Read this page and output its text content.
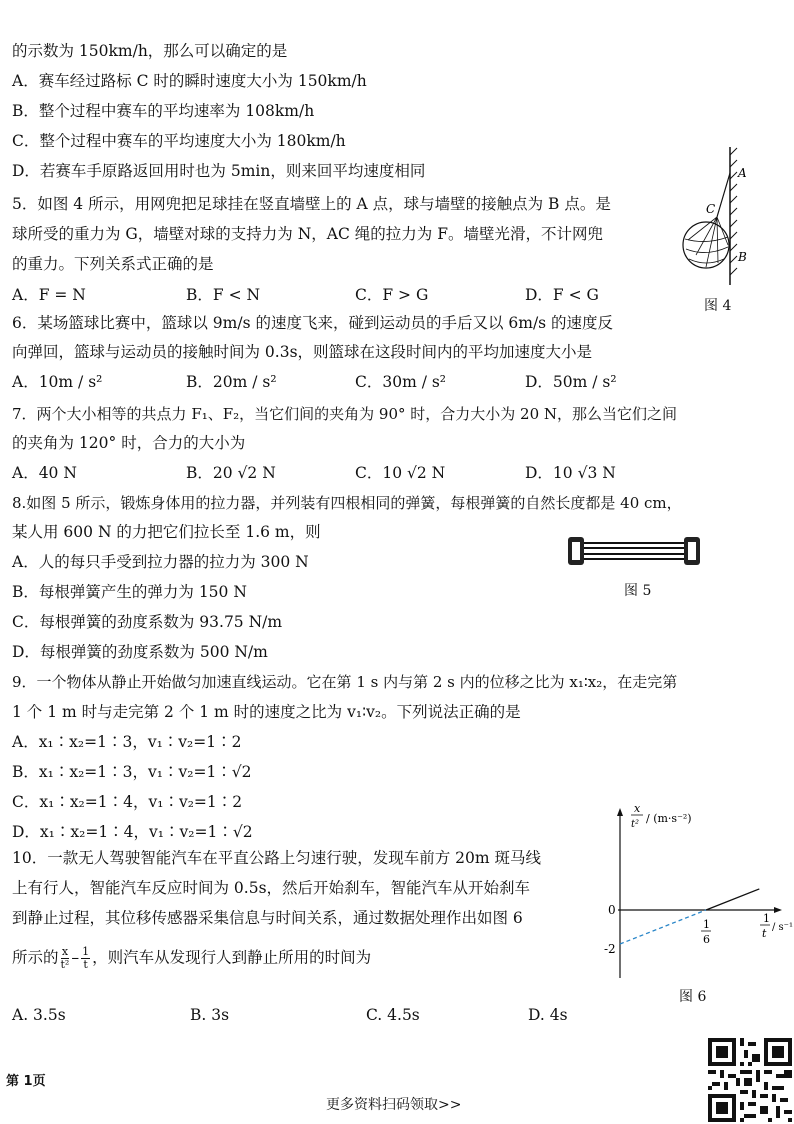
的示数为 150km/h，那么可以确定的是
A．赛车经过路标 C 时的瞬时速度大小为 150km/h
B．整个过程中赛车的平均速率为 108km/h
C．整个过程中赛车的平均速度大小为 180km/h
D．若赛车手原路返回用时也为 5min，则来回平均速度相同
5．如图 4 所示，用网兜把足球挂在竖直墙壁上的 A 点，球与墙壁的接触点为 B 点。是
球所受的重力为 G，墙壁对球的支持力为 N，AC 绳的拉力为 F。墙壁光滑，不计网兜
的重力。下列关系式正确的是
A．F = N	B．F < N	C．F > G	D．F < G
6．某场篮球比赛中，篮球以 9m/s 的速度飞来，碰到运动员的手后又以 6m/s 的速度反
向弹回，篮球与运动员的接触时间为 0.3s，则篮球在这段时间内的平均加速度大小是
A．10m / s²	B．20m / s²	C．30m / s²	D．50m / s²
7．两个大小相等的共点力 F₁、F₂，当它们间的夹角为 90° 时，合力大小为 20 N，那么当它们之间
的夹角为 120° 时，合力的大小为
A．40 N	B．20 √2 N	C．10 √2 N	D．10 √3 N
8.如图 5 所示，锻炼身体用的拉力器，并列装有四根相同的弹簧，每根弹簧的自然长度都是 40 cm，
某人用 600 N 的力把它们拉长至 1.6 m，则
A．人的每只手受到拉力器的拉力为 300 N
B．每根弹簧产生的弹力为 150 N
C．每根弹簧的劲度系数为 93.75 N/m
D．每根弹簧的劲度系数为 500 N/m
9．一个物体从静止开始做匀加速直线运动。它在第 1 s 内与第 2 s 内的位移之比为 x₁∶x₂，在走完第
1 个 1 m 时与走完第 2 个 1 m 时的速度之比为 v₁∶v₂。下列说法正确的是
A．x₁∶x₂=1∶3，v₁∶v₂=1∶2
B．x₁∶x₂=1∶3，v₁∶v₂=1∶√2
C．x₁∶x₂=1∶4，v₁∶v₂=1∶2
D．x₁∶x₂=1∶4，v₁∶v₂=1∶√2
10．一款无人驾驶智能汽车在平直公路上匀速行驶，发现车前方 20m 斑马线
上有行人，智能汽车反应时间为 0.5s，然后开始刹车，智能汽车从开始刹车
到静止过程，其位移传感器采集信息与时间关系，通过数据处理作出如图 6
所示的 $\frac{x}{\text{t²}} - \frac{1}{t}$ ，则汽车从发现行人到静止所用的时间为
A. 3.5s	B. 3s	C. 4.5s	D. 4s
A
C
B
图 4
图 5
x
t² / (m·s⁻²)
1
t / s⁻¹
0
-2
1
6
图 6
第 1页
更多资料扫码领取>>
